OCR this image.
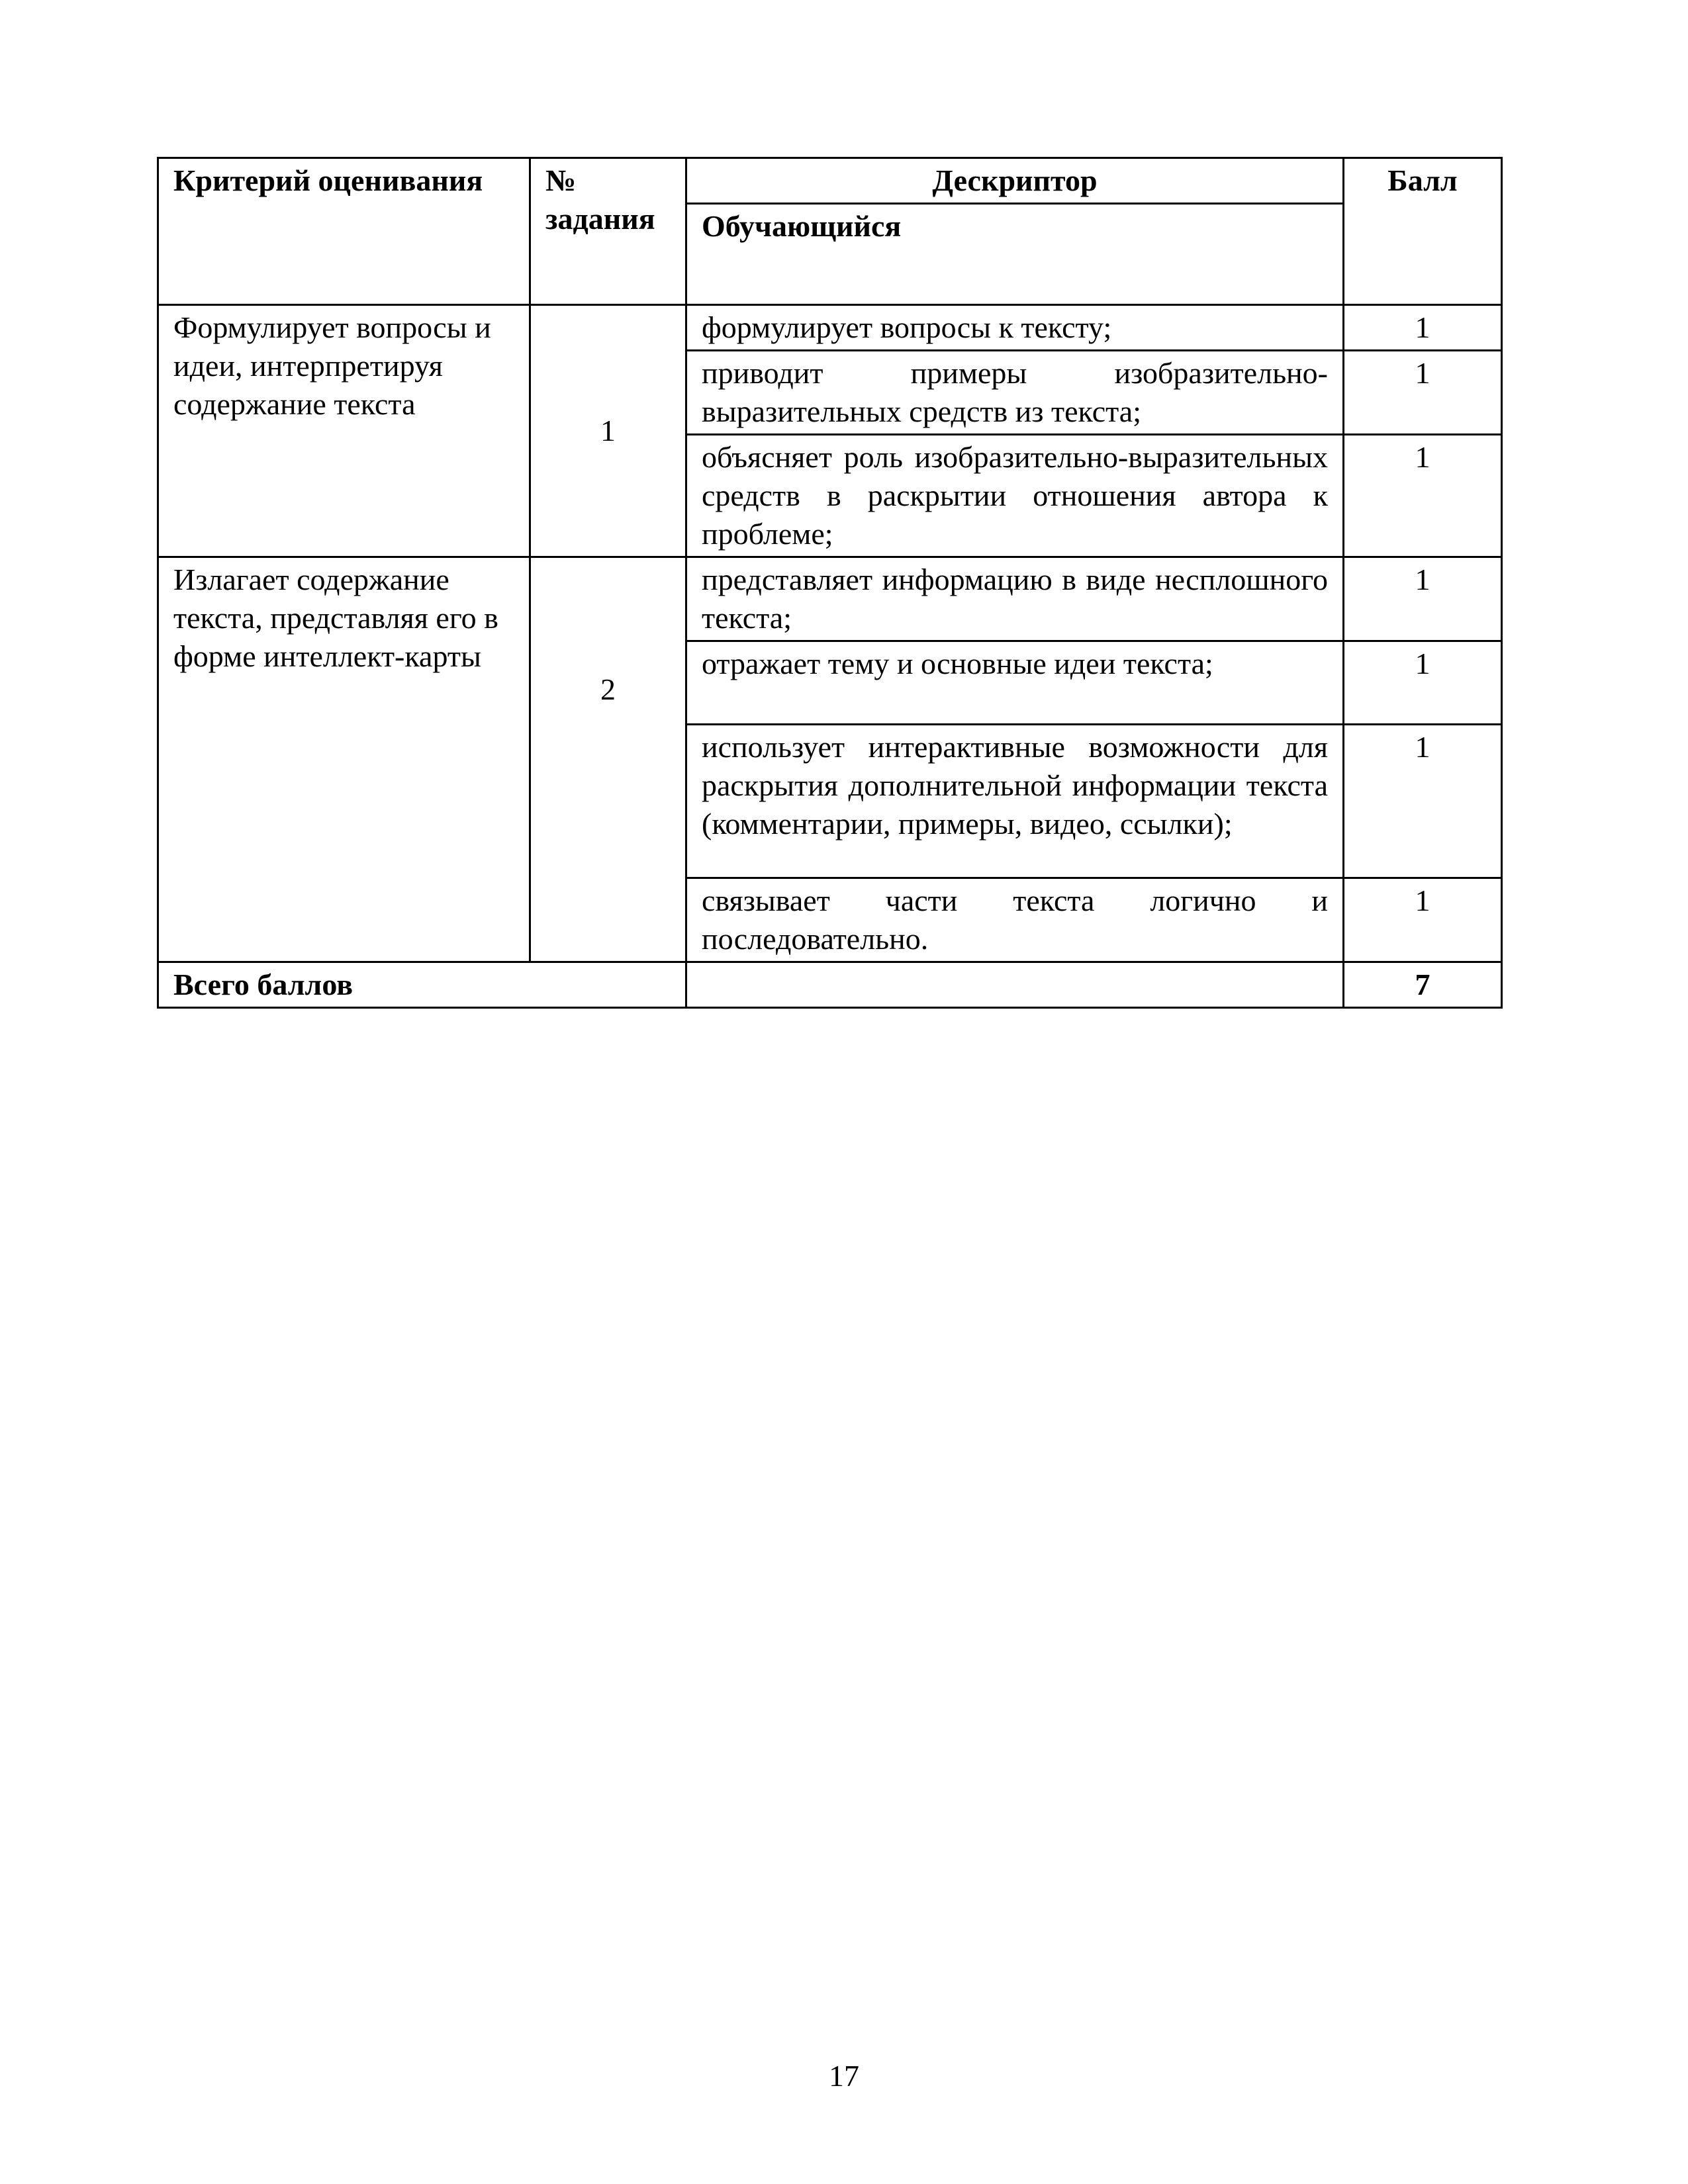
Критерий оценивания	№ задания	Дескриптор	Балл
		Обучающийся	
Формулирует вопросы и идеи, интерпретируя содержание текста	1	формулирует вопросы к тексту;	1
		приводит примеры изобразительно-выразительных средств из текста;	1
		объясняет роль изобразительно-выразительных средств в раскрытии отношения автора к проблеме;	1
Излагает содержание текста, представляя его в форме интеллект-карты	2	представляет информацию в виде несплошного текста;	1
		отражает тему и основные идеи текста;	1
		использует интерактивные возможности для раскрытия дополнительной информации текста (комментарии, примеры, видео, ссылки);	1
		связывает части текста логично и последовательно.	1
Всего баллов			7
17
